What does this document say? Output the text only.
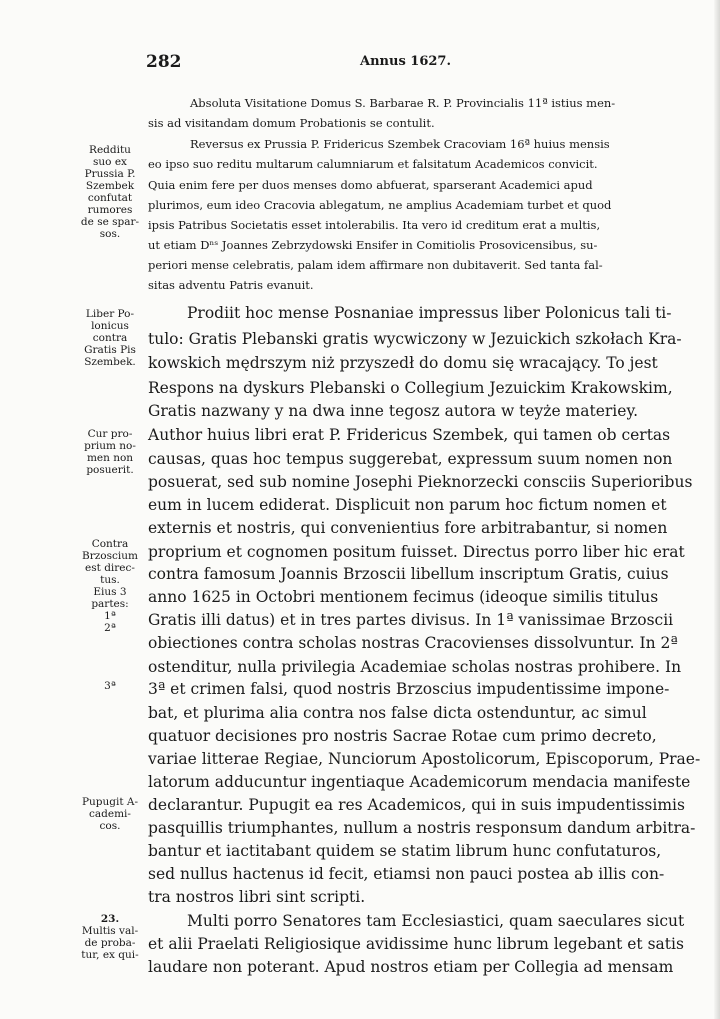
282	Annus 1627.
Absoluta Visitatione Domus S. Barbarae R. P. Provincialis 11ª istius men-
sis ad visitandam domum Probationis se contulit.
Reversus ex Prussia P. Fridericus Szembek Cracoviam 16ª huius mensis
eo ipso suo reditu multarum calumniarum et falsitatum Academicos convicit.
Quia enim fere per duos menses domo abfuerat, sparserant Academici apud
plurimos, eum ideo Cracovia ablegatum, ne amplius Academiam turbet et quod
ipsis Patribus Societatis esset intolerabilis. Ita vero id creditum erat a multis,
ut etiam Dⁿˢ Joannes Zebrzydowski Ensifer in Comitiolis Prosovicensibus, su-
periori mense celebratis, palam idem affirmare non dubitaverit. Sed tanta fal-
sitas adventu Patris evanuit.
Prodiit hoc mense Posnaniae impressus liber Polonicus tali ti-
tulo: Gratis Plebanski gratis wycwiczony w Jezuickich szkołach Kra-
kowskich mędrszym niż przyszedł do domu się wracający. To jest
Respons na dyskurs Plebanski o Collegium Jezuickim Krakowskim,
Gratis nazwany y na dwa inne tegosz autora w teyże materiey.
Author huius libri erat P. Fridericus Szembek, qui tamen ob certas
causas, quas hoc tempus suggerebat, expressum suum nomen non
posuerat, sed sub nomine Josephi Pieknorzecki consciis Superioribus
eum in lucem ediderat. Displicuit non parum hoc fictum nomen et
externis et nostris, qui convenientius fore arbitrabantur, si nomen
proprium et cognomen positum fuisset. Directus porro liber hic erat
contra famosum Joannis Brzoscii libellum inscriptum Gratis, cuius
anno 1625 in Octobri mentionem fecimus (ideoque similis titulus
Gratis illi datus) et in tres partes divisus. In 1ª vanissimae Brzoscii
obiectiones contra scholas nostras Cracovienses dissolvuntur. In 2ª
ostenditur, nulla privilegia Academiae scholas nostras prohibere. In
3ª et crimen falsi, quod nostris Brzoscius impudentissime impone-
bat, et plurima alia contra nos false dicta ostenduntur, ac simul
quatuor decisiones pro nostris Sacrae Rotae cum primo decreto,
variae litterae Regiae, Nunciorum Apostolicorum, Episcoporum, Prae-
latorum adducuntur ingentiaque Academicorum mendacia manifeste
declarantur. Pupugit ea res Academicos, qui in suis impudentissimis
pasquillis triumphantes, nullum a nostris responsum dandum arbitra-
bantur et iactitabant quidem se statim librum hunc confutaturos,
sed nullus hactenus id fecit, etiamsi non pauci postea ab illis con-
tra nostros libri sint scripti.
Multi porro Senatores tam Ecclesiastici, quam saeculares sicut
et alii Praelati Religiosique avidissime hunc librum legebant et satis
laudare non poterant. Apud nostros etiam per Collegia ad mensam
Redditu
suo ex
Prussia P.
Szembek
confutat
rumores
de se spar-
sos.
Liber Po-
lonicus
contra
Gratis Pis
Szembek.
Cur pro-
prium no-
men non
posuerit.
Contra
Brzoscium
est direc-
tus.
Eius 3
partes:
1ª
2ª
3ª
Pupugit A-
cademi-
cos.
23.
Multis val-
de proba-
tur, ex qui-
